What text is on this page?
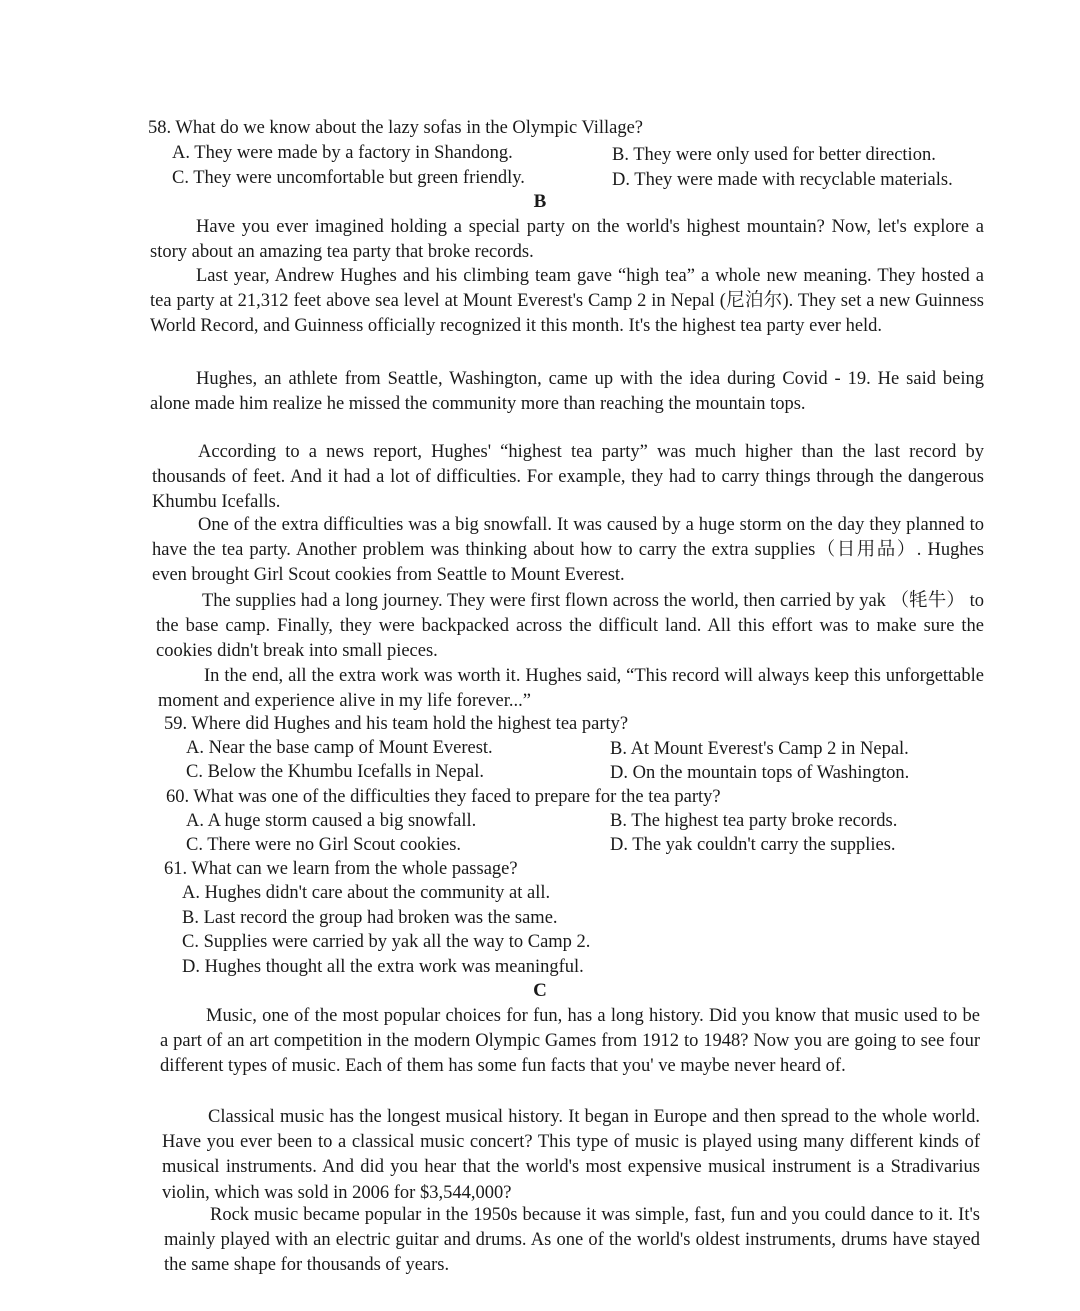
58. What do we know about the lazy sofas in the Olympic Village?
A. They were made by a factory in Shandong.	B. They were only used for better direction.
C. They were uncomfortable but green friendly.	D. They were made with recyclable materials.
B
Have you ever imagined holding a special party on the world's highest mountain? Now, let's explore a story about an amazing tea party that broke records.
Last year, Andrew Hughes and his climbing team gave “high tea” a whole new meaning. They hosted a tea party at 21,312 feet above sea level at Mount Everest's Camp 2 in Nepal (尼泊尔). They set a new Guinness World Record, and Guinness officially recognized it this month. It's the highest tea party ever held.
Hughes, an athlete from Seattle, Washington, came up with the idea during Covid - 19. He said being alone made him realize he missed the community more than reaching the mountain tops.
According to a news report, Hughes' “highest tea party” was much higher than the last record by thousands of feet. And it had a lot of difficulties. For example, they had to carry things through the dangerous Khumbu Icefalls.
One of the extra difficulties was a big snowfall. It was caused by a huge storm on the day they planned to have the tea party. Another problem was thinking about how to carry the extra supplies（日用品）. Hughes even brought Girl Scout cookies from Seattle to Mount Everest.
The supplies had a long journey. They were first flown across the world, then carried by yak （牦牛） to the base camp. Finally, they were backpacked across the difficult land. All this effort was to make sure the cookies didn't break into small pieces.
In the end, all the extra work was worth it. Hughes said, “This record will always keep this unforgettable moment and experience alive in my life forever...”
59. Where did Hughes and his team hold the highest tea party?
A. Near the base camp of Mount Everest.	B. At Mount Everest's Camp 2 in Nepal.
C. Below the Khumbu Icefalls in Nepal.	D. On the mountain tops of Washington.
60. What was one of the difficulties they faced to prepare for the tea party?
A. A huge storm caused a big snowfall.	B. The highest tea party broke records.
C. There were no Girl Scout cookies.	D. The yak couldn't carry the supplies.
61. What can we learn from the whole passage?
A. Hughes didn't care about the community at all.
B. Last record the group had broken was the same.
C. Supplies were carried by yak all the way to Camp 2.
D. Hughes thought all the extra work was meaningful.
C
Music, one of the most popular choices for fun, has a long history. Did you know that music used to be a part of an art competition in the modern Olympic Games from 1912 to 1948? Now you are going to see four different types of music. Each of them has some fun facts that you' ve maybe never heard of.
Classical music has the longest musical history. It began in Europe and then spread to the whole world. Have you ever been to a classical music concert? This type of music is played using many different kinds of musical instruments. And did you hear that the world's most expensive musical instrument is a Stradivarius violin, which was sold in 2006 for $3,544,000?
Rock music became popular in the 1950s because it was simple, fast, fun and you could dance to it. It's mainly played with an electric guitar and drums. As one of the world's oldest instruments, drums have stayed the same shape for thousands of years.
